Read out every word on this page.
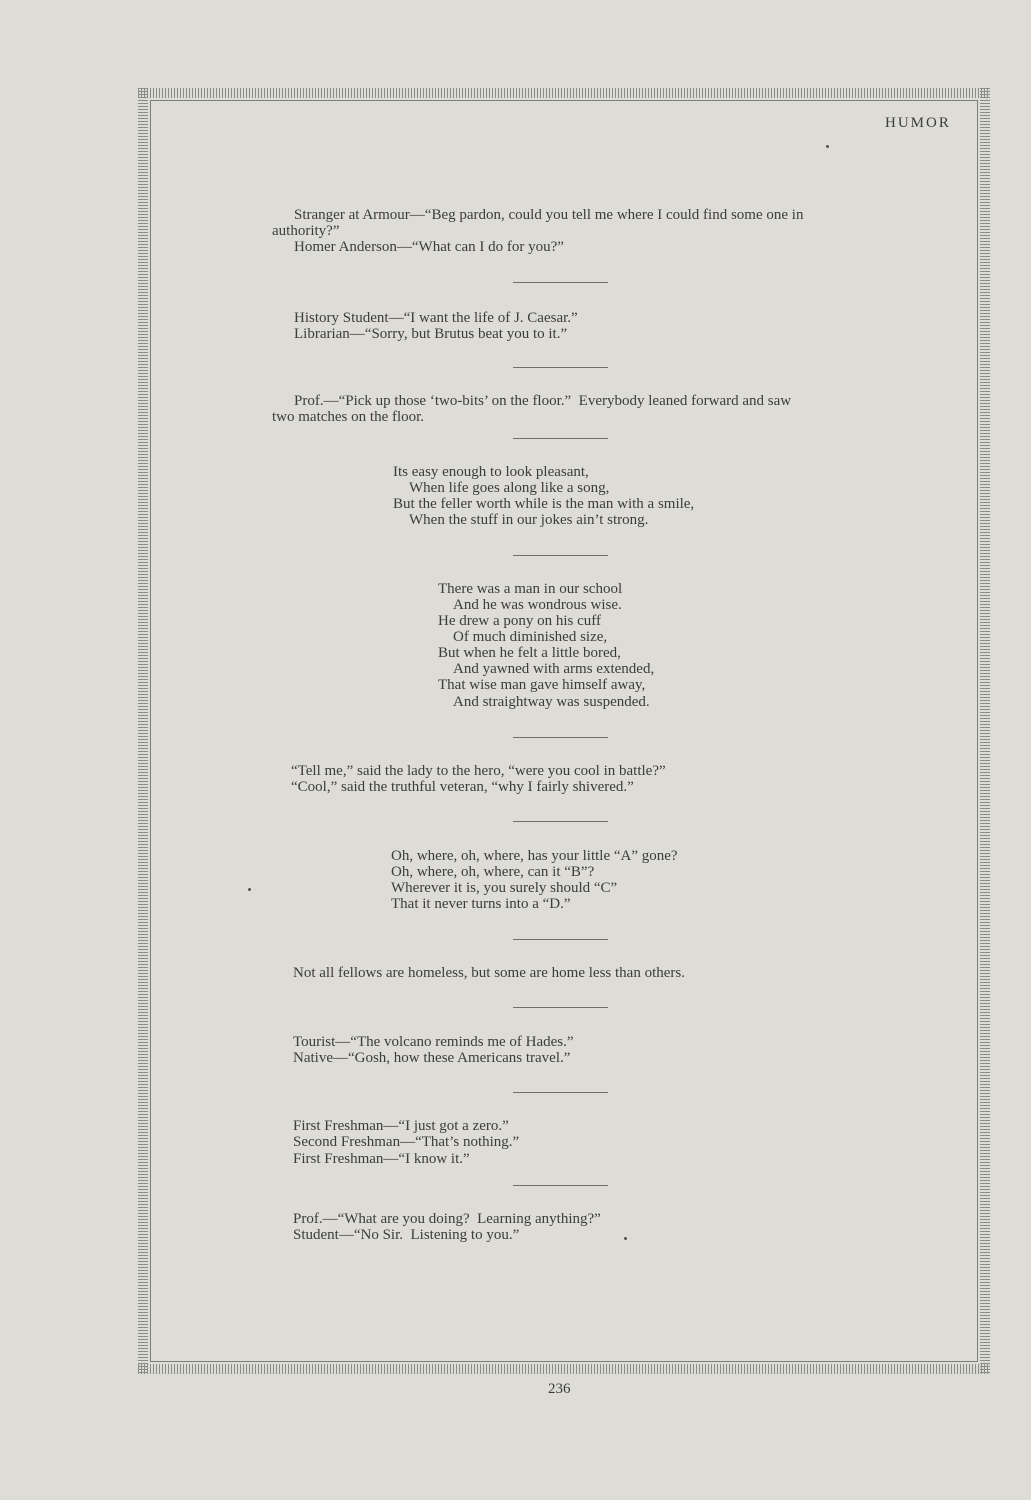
HUMOR
Stranger at Armour—“Beg pardon, could you tell me where I could find some one in
authority?”
Homer Anderson—“What can I do for you?”
History Student—“I want the life of J. Caesar.”
Librarian—“Sorry, but Brutus beat you to it.”
Prof.—“Pick up those ‘two-bits’ on the floor.”  Everybody leaned forward and saw
two matches on the floor.
Its easy enough to look pleasant,
When life goes along like a song,
But the feller worth while is the man with a smile,
When the stuff in our jokes ain’t strong.
There was a man in our school
And he was wondrous wise.
He drew a pony on his cuff
Of much diminished size,
But when he felt a little bored,
And yawned with arms extended,
That wise man gave himself away,
And straightway was suspended.
“Tell me,” said the lady to the hero, “were you cool in battle?”
“Cool,” said the truthful veteran, “why I fairly shivered.”
Oh, where, oh, where, has your little “A” gone?
Oh, where, oh, where, can it “B”?
Wherever it is, you surely should “C”
That it never turns into a “D.”
Not all fellows are homeless, but some are home less than others.
Tourist—“The volcano reminds me of Hades.”
Native—“Gosh, how these Americans travel.”
First Freshman—“I just got a zero.”
Second Freshman—“That’s nothing.”
First Freshman—“I know it.”
Prof.—“What are you doing?  Learning anything?”
Student—“No Sir.  Listening to you.”
236
